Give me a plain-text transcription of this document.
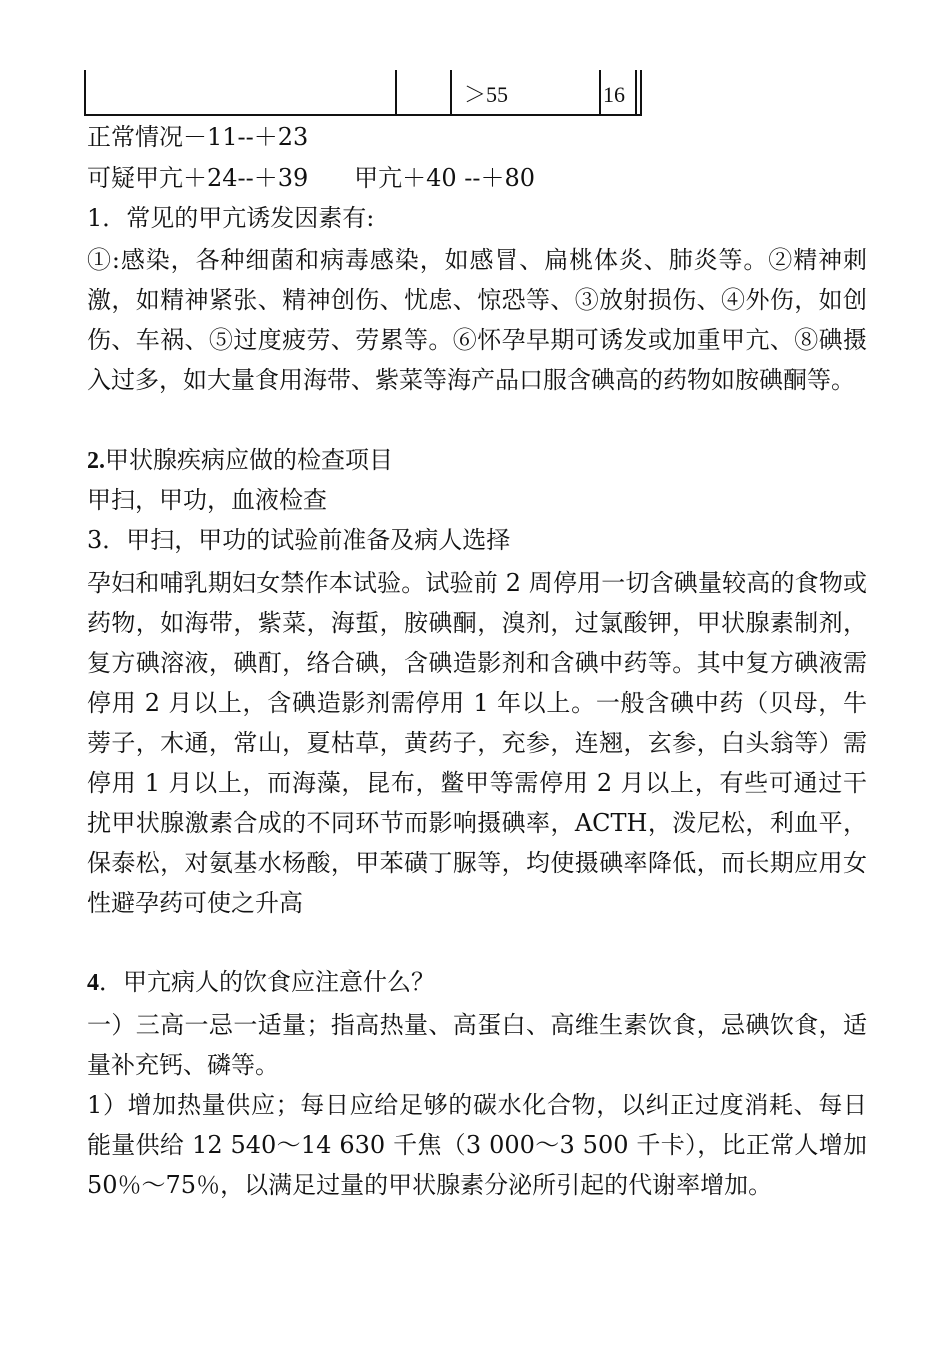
＞55	16
正常情况－11--＋23
可疑甲亢＋24--＋39      甲亢＋40 --＋80
1．常见的甲亢诱发因素有:
①:感染，各种细菌和病毒感染，如感冒、扁桃体炎、肺炎等。②精神刺激，如精神紧张、精神创伤、忧虑、惊恐等、③放射损伤、④外伤，如创伤、车祸、⑤过度疲劳、劳累等。⑥怀孕早期可诱发或加重甲亢、⑧碘摄入过多，如大量食用海带、紫菜等海产品口服含碘高的药物如胺碘酮等。
2.甲状腺疾病应做的检查项目
甲扫，甲功，血液检查
3．甲扫，甲功的试验前准备及病人选择
孕妇和哺乳期妇女禁作本试验。试验前 2 周停用一切含碘量较高的食物或药物，如海带，紫菜，海蜇，胺碘酮，溴剂，过氯酸钾，甲状腺素制剂，复方碘溶液，碘酊，络合碘，含碘造影剂和含碘中药等。其中复方碘液需停用 2 月以上，含碘造影剂需停用 1 年以上。一般含碘中药（贝母，牛蒡子，木通，常山，夏枯草，黄药子，充参，连翘，玄参，白头翁等）需停用 1 月以上，而海藻，昆布，鳖甲等需停用 2 月以上，有些可通过干扰甲状腺激素合成的不同环节而影响摄碘率，ACTH，泼尼松，利血平，保泰松，对氨基水杨酸，甲苯磺丁脲等，均使摄碘率降低，而长期应用女性避孕药可使之升高
4．甲亢病人的饮食应注意什么？
一）三高一忌一适量；指高热量、高蛋白、高维生素饮食，忌碘饮食，适量补充钙、磷等。
1）增加热量供应；每日应给足够的碳水化合物，以纠正过度消耗、每日能量供给 12 540～14 630 千焦（3 000～3 500 千卡），比正常人增加 50％～75％，以满足过量的甲状腺素分泌所引起的代谢率增加。
